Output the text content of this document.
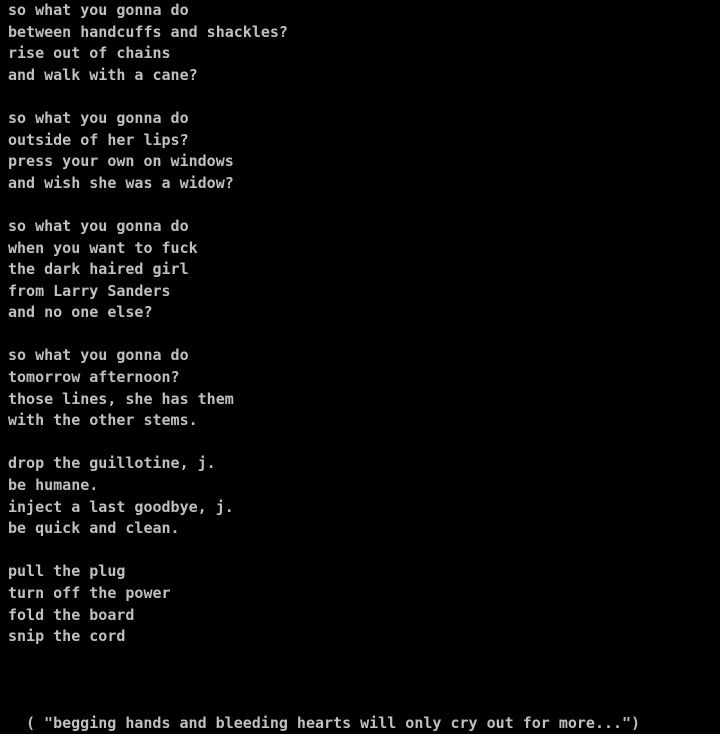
so what you gonna do
between handcuffs and shackles?
rise out of chains
and walk with a cane?
so what you gonna do
outside of her lips?
press your own on windows
and wish she was a widow?
so what you gonna do
when you want to fuck
the dark haired girl
from Larry Sanders
and no one else?
so what you gonna do
tomorrow afternoon?
those lines, she has them
with the other stems.
drop the guillotine, j.
be humane.
inject a last goodbye, j.
be quick and clean.
pull the plug
turn off the power
fold the board
snip the cord
( "begging hands and bleeding hearts will only cry out for more...")
